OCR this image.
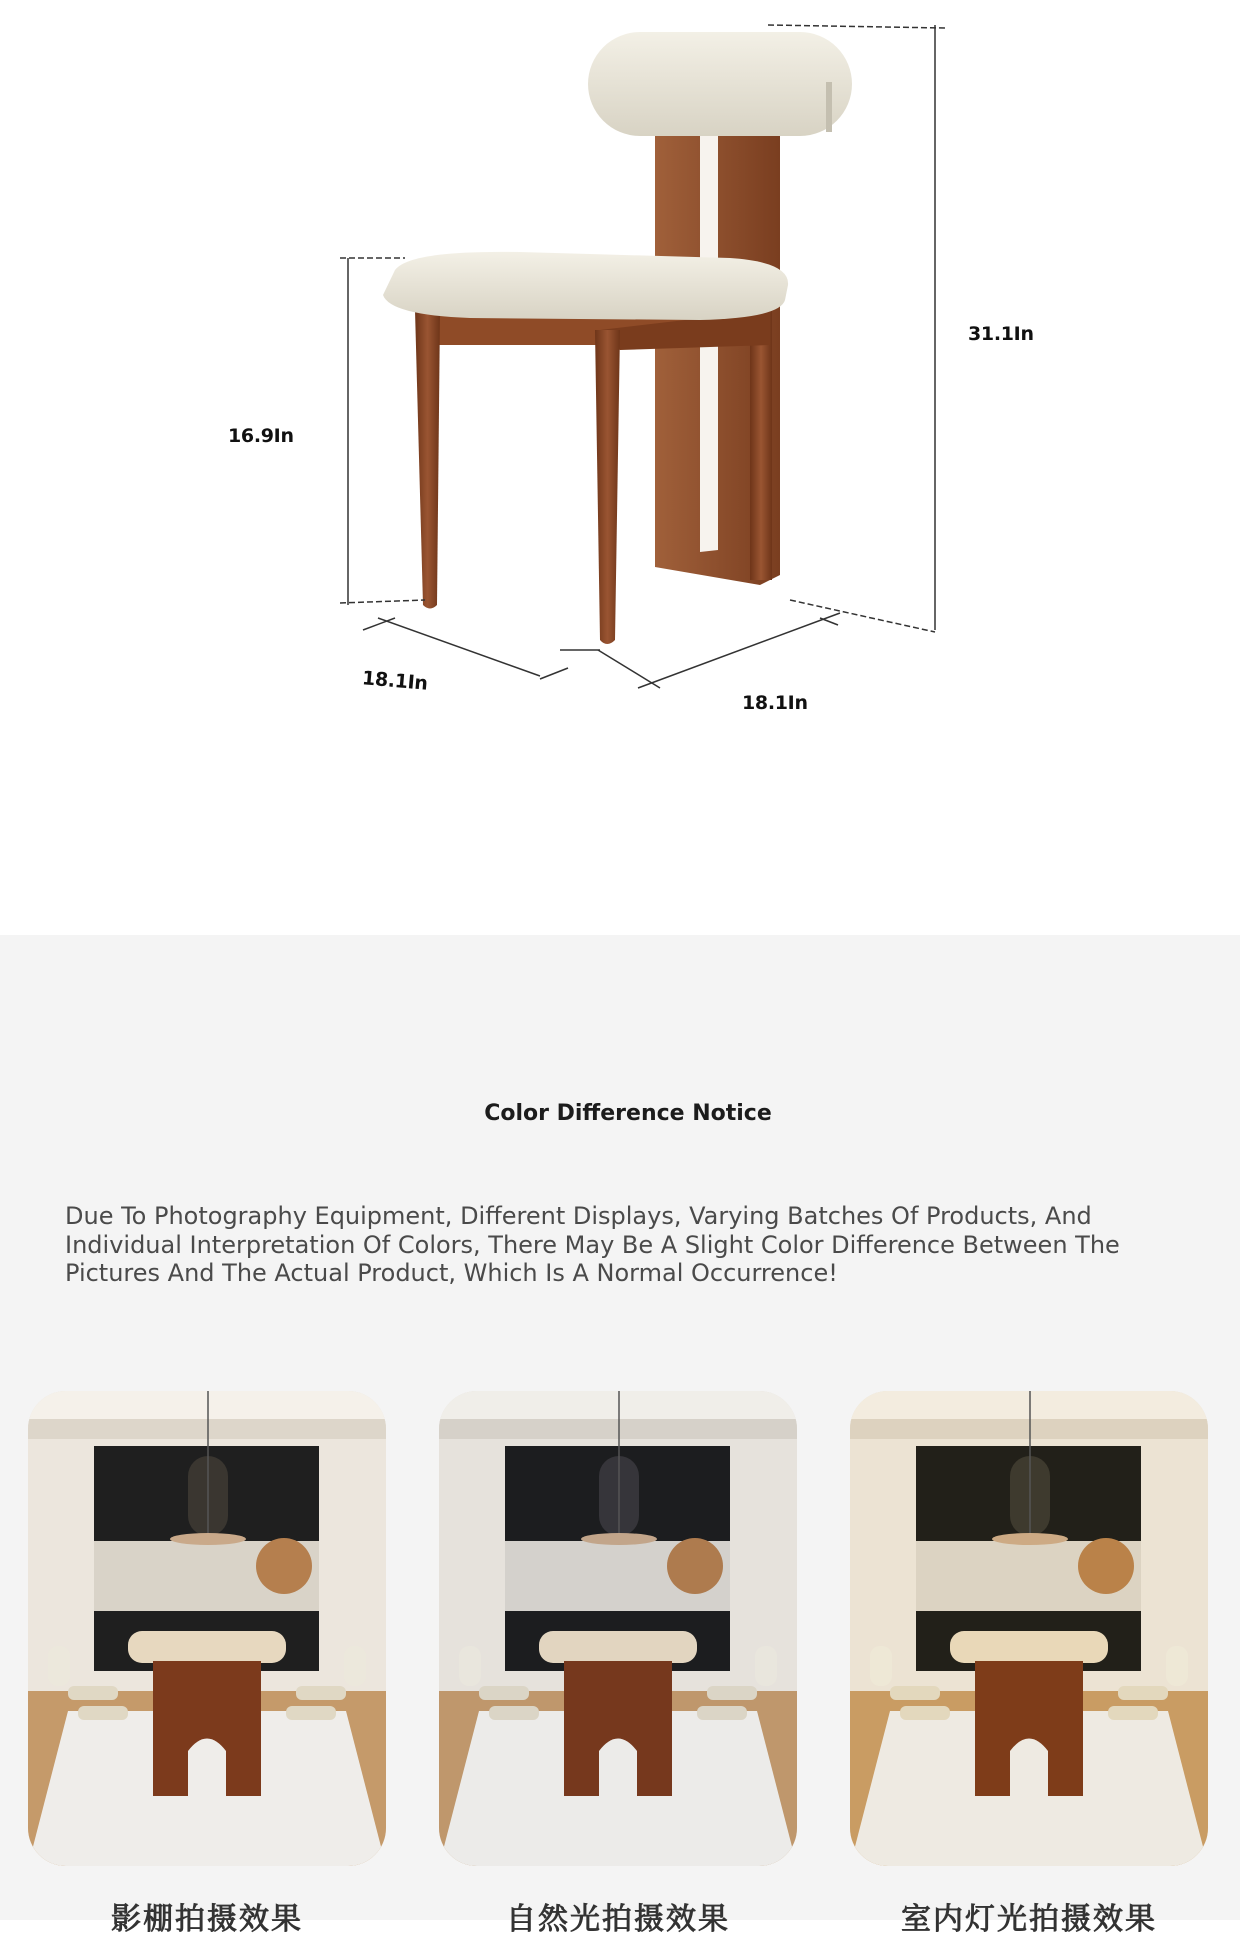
31.1In
16.9In
18.1In
18.1In
Color Difference Notice
Due To Photography Equipment, Different Displays, Varying Batches Of Products, And Individual Interpretation Of Colors, There May Be A Slight Color Difference Between The Pictures And The Actual Product, Which Is A Normal Occurrence!
影棚拍摄效果	自然光拍摄效果	室内灯光拍摄效果
